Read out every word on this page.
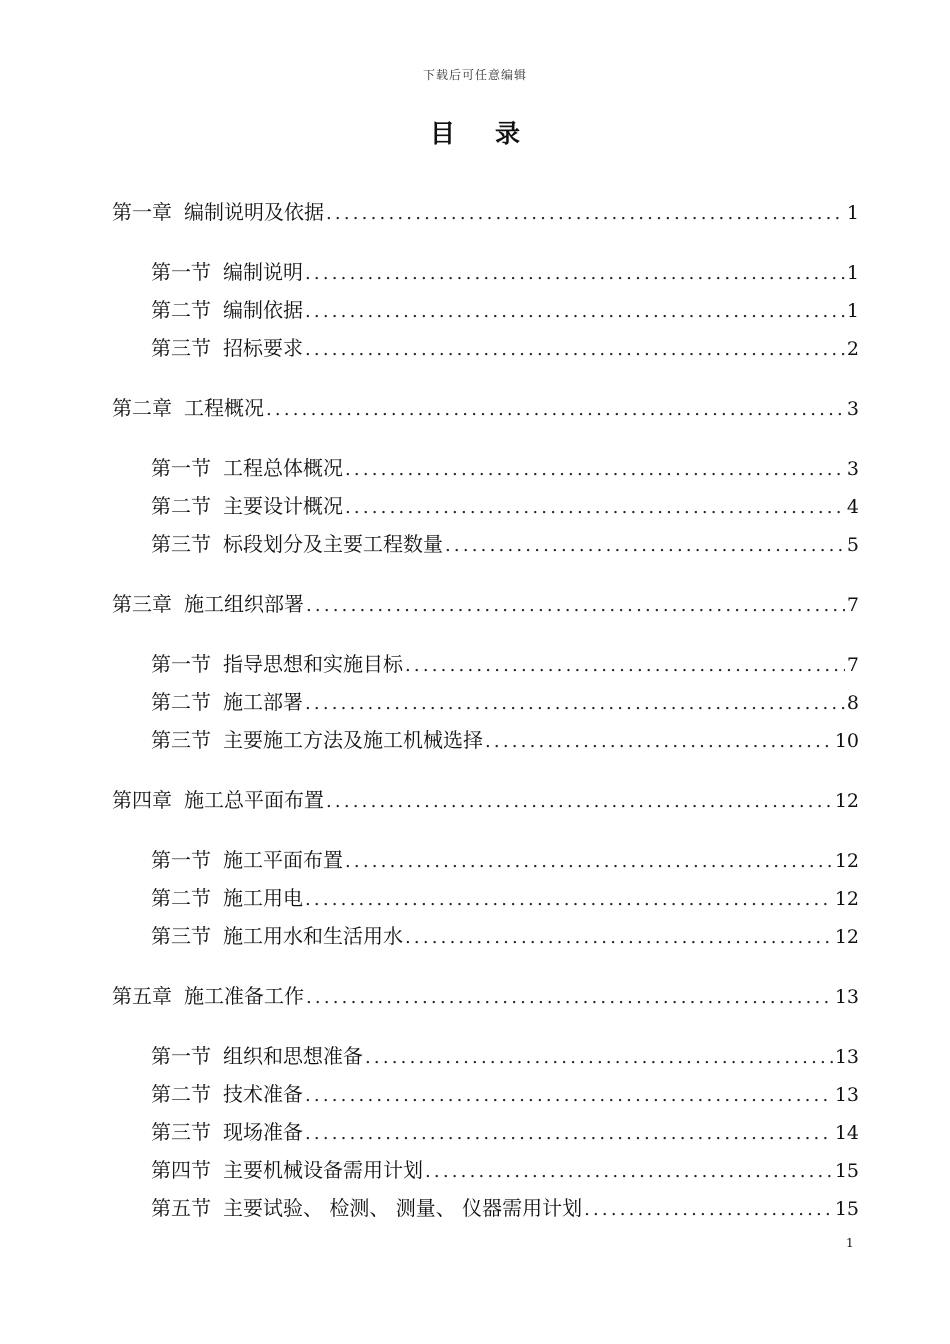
下载后可任意编辑
目录
第一章 编制说明及依据 .....	1
第一节 编制说明 .....	1
第二节 编制依据 .....	1
第三节 招标要求 .....	2
第二章 工程概况 .....	3
第一节 工程总体概况 .....	3
第二节 主要设计概况 .....	4
第三节 标段划分及主要工程数量 .....	5
第三章 施工组织部署 .....	7
第一节 指导思想和实施目标 .....	7
第二节 施工部署 .....	8
第三节 主要施工方法及施工机械选择 .....	10
第四章 施工总平面布置 .....	12
第一节 施工平面布置 .....	12
第二节 施工用电 .....	12
第三节 施工用水和生活用水 .....	12
第五章 施工准备工作 .....	13
第一节 组织和思想准备 .....	13
第二节 技术准备 .....	13
第三节 现场准备 .....	14
第四节 主要机械设备需用计划 .....	15
第五节 主要试验、 检测、 测量、 仪器需用计划 .....	15
1
